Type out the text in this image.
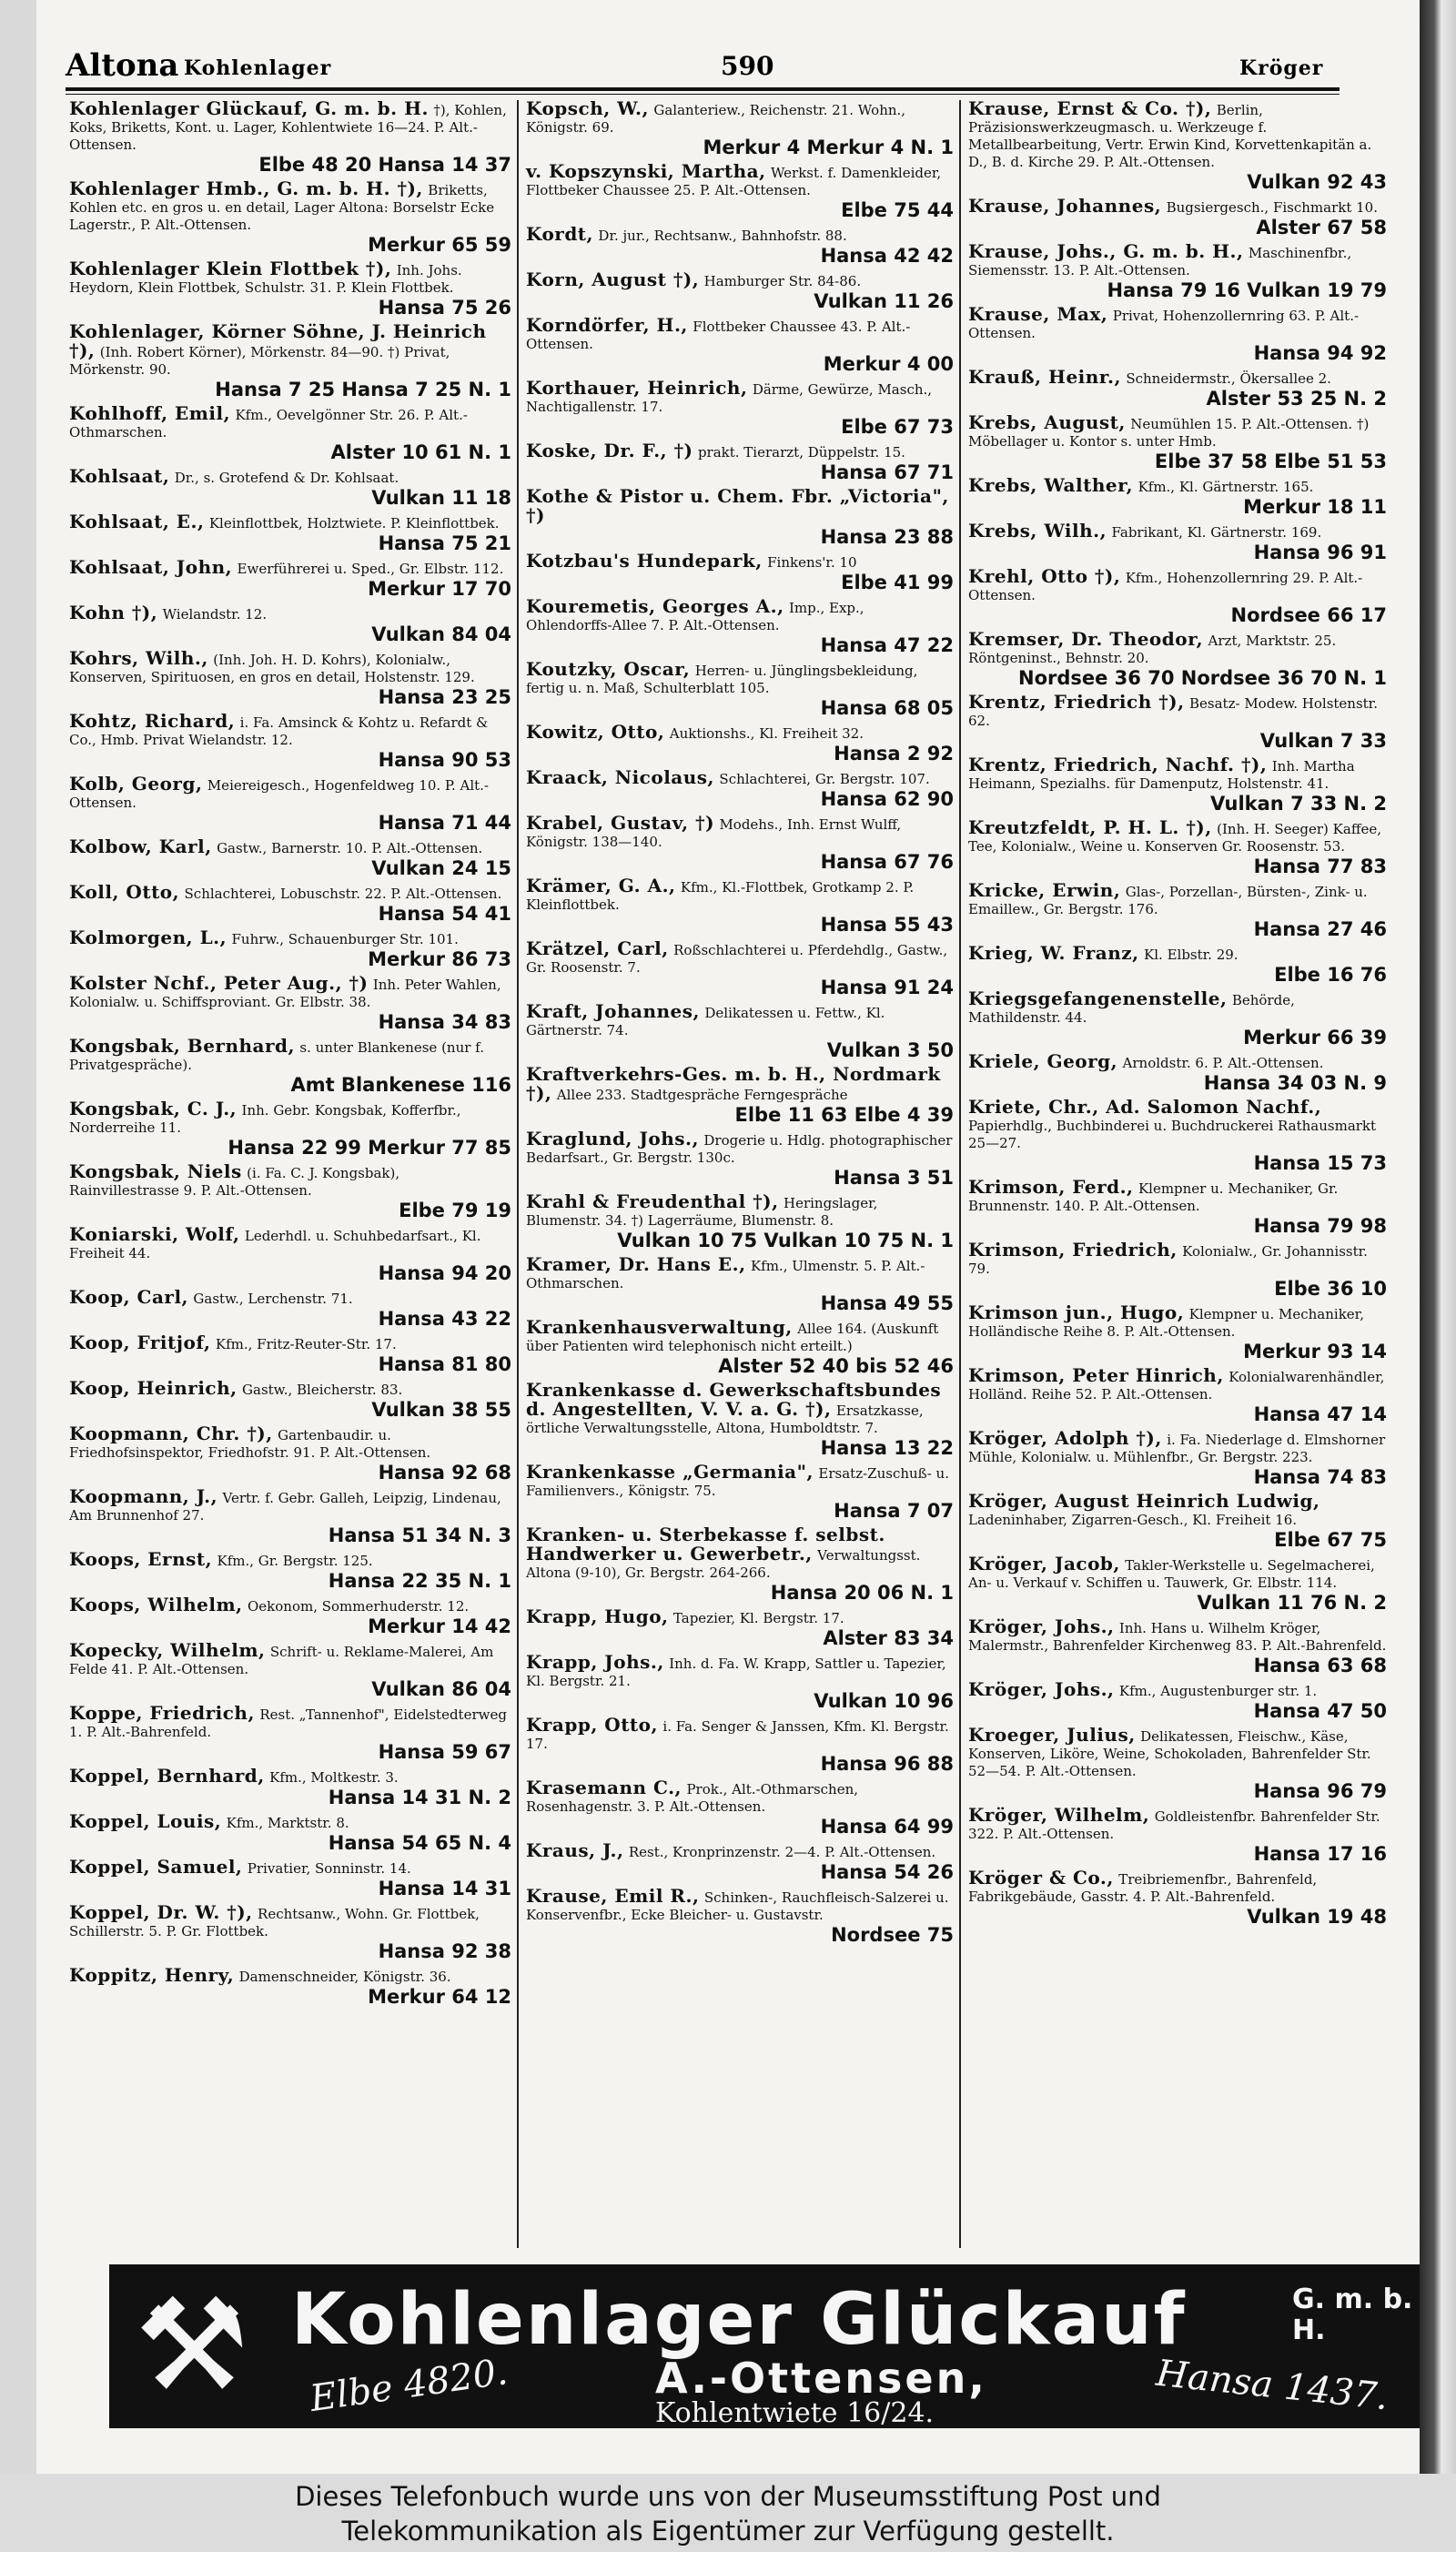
Altona Kohlenlager	590	Kröger
Kohlenlager Glückauf, G. m. b. H. †), Kohlen, Koks, Briketts, Kont. u. Lager, Kohlentwiete 16—24. P. Alt.-Ottensen.
Elbe 48 20 Hansa 14 37
Kohlenlager Hmb., G. m. b. H. †), Briketts, Kohlen etc. en gros u. en detail, Lager Altona: Borselstr Ecke Lagerstr., P. Alt.-Ottensen.
Merkur 65 59
Kohlenlager Klein Flottbek †), Inh. Johs. Heydorn, Klein Flottbek, Schulstr. 31. P. Klein Flottbek.
Hansa 75 26
Kohlenlager, Körner Söhne, J. Heinrich †), (Inh. Robert Körner), Mörkenstr. 84—90. †) Privat, Mörkenstr. 90.
Hansa 7 25 Hansa 7 25 N. 1
Kohlhoff, Emil, Kfm., Oevelgönner Str. 26. P. Alt.-Othmarschen.
Alster 10 61 N. 1
Kohlsaat, Dr., s. Grotefend & Dr. Kohlsaat.
Vulkan 11 18
Kohlsaat, E., Kleinflottbek, Holztwiete. P. Kleinflottbek.
Hansa 75 21
Kohlsaat, John, Ewerführerei u. Sped., Gr. Elbstr. 112.
Merkur 17 70
Kohn †), Wielandstr. 12.
Vulkan 84 04
Kohrs, Wilh., (Inh. Joh. H. D. Kohrs), Kolonialw., Konserven, Spirituosen, en gros en detail, Holstenstr. 129.
Hansa 23 25
Kohtz, Richard, i. Fa. Amsinck & Kohtz u. Refardt & Co., Hmb. Privat Wielandstr. 12.
Hansa 90 53
Kolb, Georg, Meiereigesch., Hogenfeldweg 10. P. Alt.-Ottensen.
Hansa 71 44
Kolbow, Karl, Gastw., Barnerstr. 10. P. Alt.-Ottensen.
Vulkan 24 15
Koll, Otto, Schlachterei, Lobuschstr. 22. P. Alt.-Ottensen.
Hansa 54 41
Kolmorgen, L., Fuhrw., Schauenburger Str. 101.
Merkur 86 73
Kolster Nchf., Peter Aug., †) Inh. Peter Wahlen, Kolonialw. u. Schiffsproviant. Gr. Elbstr. 38.
Hansa 34 83
Kongsbak, Bernhard, s. unter Blankenese (nur f. Privatgespräche).
Amt Blankenese 116
Kongsbak, C. J., Inh. Gebr. Kongsbak, Kofferfbr., Norderreihe 11.
Hansa 22 99 Merkur 77 85
Kongsbak, Niels (i. Fa. C. J. Kongsbak), Rainvillestrasse 9. P. Alt.-Ottensen.
Elbe 79 19
Koniarski, Wolf, Lederhdl. u. Schuhbedarfsart., Kl. Freiheit 44.
Hansa 94 20
Koop, Carl, Gastw., Lerchenstr. 71.
Hansa 43 22
Koop, Fritjof, Kfm., Fritz-Reuter-Str. 17.
Hansa 81 80
Koop, Heinrich, Gastw., Bleicherstr. 83.
Vulkan 38 55
Koopmann, Chr. †), Gartenbaudir. u. Friedhofsinspektor, Friedhofstr. 91. P. Alt.-Ottensen.
Hansa 92 68
Koopmann, J., Vertr. f. Gebr. Galleh, Leipzig, Lindenau, Am Brunnenhof 27.
Hansa 51 34 N. 3
Koops, Ernst, Kfm., Gr. Bergstr. 125.
Hansa 22 35 N. 1
Koops, Wilhelm, Oekonom, Sommerhuderstr. 12.
Merkur 14 42
Kopecky, Wilhelm, Schrift- u. Reklame-Malerei, Am Felde 41. P. Alt.-Ottensen.
Vulkan 86 04
Koppe, Friedrich, Rest. „Tannenhof", Eidelstedterweg 1. P. Alt.-Bahrenfeld.
Hansa 59 67
Koppel, Bernhard, Kfm., Moltkestr. 3.
Hansa 14 31 N. 2
Koppel, Louis, Kfm., Marktstr. 8.
Hansa 54 65 N. 4
Koppel, Samuel, Privatier, Sonninstr. 14.
Hansa 14 31
Koppel, Dr. W. †), Rechtsanw., Wohn. Gr. Flottbek, Schillerstr. 5. P. Gr. Flottbek.
Hansa 92 38
Koppitz, Henry, Damenschneider, Königstr. 36.
Merkur 64 12
Kopsch, W., Galanteriew., Reichenstr. 21. Wohn., Königstr. 69.
Merkur 4 Merkur 4 N. 1
v. Kopszynski, Martha, Werkst. f. Damenkleider, Flottbeker Chaussee 25. P. Alt.-Ottensen.
Elbe 75 44
Kordt, Dr. jur., Rechtsanw., Bahnhofstr. 88.
Hansa 42 42
Korn, August †), Hamburger Str. 84-86.
Vulkan 11 26
Korndörfer, H., Flottbeker Chaussee 43. P. Alt.-Ottensen.
Merkur 4 00
Korthauer, Heinrich, Därme, Gewürze, Masch., Nachtigallenstr. 17.
Elbe 67 73
Koske, Dr. F., †) prakt. Tierarzt, Düppelstr. 15.
Hansa 67 71
Kothe & Pistor u. Chem. Fbr. „Victoria", †)
Hansa 23 88
Kotzbau's Hundepark, Finkens'r. 10
Elbe 41 99
Kouremetis, Georges A., Imp., Exp., Ohlendorffs-Allee 7. P. Alt.-Ottensen.
Hansa 47 22
Koutzky, Oscar, Herren- u. Jünglingsbekleidung, fertig u. n. Maß, Schulterblatt 105.
Hansa 68 05
Kowitz, Otto, Auktionshs., Kl. Freiheit 32.
Hansa 2 92
Kraack, Nicolaus, Schlachterei, Gr. Bergstr. 107.
Hansa 62 90
Krabel, Gustav, †) Modehs., Inh. Ernst Wulff, Königstr. 138—140.
Hansa 67 76
Krämer, G. A., Kfm., Kl.-Flottbek, Grotkamp 2. P. Kleinflottbek.
Hansa 55 43
Krätzel, Carl, Roßschlachterei u. Pferdehdlg., Gastw., Gr. Roosenstr. 7.
Hansa 91 24
Kraft, Johannes, Delikatessen u. Fettw., Kl. Gärtnerstr. 74.
Vulkan 3 50
Kraftverkehrs-Ges. m. b. H., Nordmark †), Allee 233. Stadtgespräche Ferngespräche
Elbe 11 63 Elbe 4 39
Kraglund, Johs., Drogerie u. Hdlg. photographischer Bedarfsart., Gr. Bergstr. 130c.
Hansa 3 51
Krahl & Freudenthal †), Heringslager, Blumenstr. 34. †) Lagerräume, Blumenstr. 8.
Vulkan 10 75 Vulkan 10 75 N. 1
Kramer, Dr. Hans E., Kfm., Ulmenstr. 5. P. Alt.-Othmarschen.
Hansa 49 55
Krankenhausverwaltung, Allee 164. (Auskunft über Patienten wird telephonisch nicht erteilt.)
Alster 52 40 bis 52 46
Krankenkasse d. Gewerkschaftsbundes d. Angestellten, V. V. a. G. †), Ersatzkasse, örtliche Verwaltungsstelle, Altona, Humboldtstr. 7.
Hansa 13 22
Krankenkasse „Germania", Ersatz-Zuschuß- u. Familienvers., Königstr. 75.
Hansa 7 07
Kranken- u. Sterbekasse f. selbst. Handwerker u. Gewerbetr., Verwaltungsst. Altona (9-10), Gr. Bergstr. 264-266.
Hansa 20 06 N. 1
Krapp, Hugo, Tapezier, Kl. Bergstr. 17.
Alster 83 34
Krapp, Johs., Inh. d. Fa. W. Krapp, Sattler u. Tapezier, Kl. Bergstr. 21.
Vulkan 10 96
Krapp, Otto, i. Fa. Senger & Janssen, Kfm. Kl. Bergstr. 17.
Hansa 96 88
Krasemann C., Prok., Alt.-Othmarschen, Rosenhagenstr. 3. P. Alt.-Ottensen.
Hansa 64 99
Kraus, J., Rest., Kronprinzenstr. 2—4. P. Alt.-Ottensen.
Hansa 54 26
Krause, Emil R., Schinken-, Rauchfleisch-Salzerei u. Konservenfbr., Ecke Bleicher- u. Gustavstr.
Nordsee 75
Krause, Ernst & Co. †), Berlin, Präzisionswerkzeugmasch. u. Werkzeuge f. Metallbearbeitung, Vertr. Erwin Kind, Korvettenkapitän a. D., B. d. Kirche 29. P. Alt.-Ottensen.
Vulkan 92 43
Krause, Johannes, Bugsiergesch., Fischmarkt 10.
Alster 67 58
Krause, Johs., G. m. b. H., Maschinenfbr., Siemensstr. 13. P. Alt.-Ottensen.
Hansa 79 16 Vulkan 19 79
Krause, Max, Privat, Hohenzollernring 63. P. Alt.-Ottensen.
Hansa 94 92
Krauß, Heinr., Schneidermstr., Ökersallee 2.
Alster 53 25 N. 2
Krebs, August, Neumühlen 15. P. Alt.-Ottensen. †) Möbellager u. Kontor s. unter Hmb.
Elbe 37 58 Elbe 51 53
Krebs, Walther, Kfm., Kl. Gärtnerstr. 165.
Merkur 18 11
Krebs, Wilh., Fabrikant, Kl. Gärtnerstr. 169.
Hansa 96 91
Krehl, Otto †), Kfm., Hohenzollernring 29. P. Alt.-Ottensen.
Nordsee 66 17
Kremser, Dr. Theodor, Arzt, Marktstr. 25. Röntgeninst., Behnstr. 20.
Nordsee 36 70 Nordsee 36 70 N. 1
Krentz, Friedrich †), Besatz- Modew. Holstenstr. 62.
Vulkan 7 33
Krentz, Friedrich, Nachf. †), Inh. Martha Heimann, Spezialhs. für Damenputz, Holstenstr. 41.
Vulkan 7 33 N. 2
Kreutzfeldt, P. H. L. †), (Inh. H. Seeger) Kaffee, Tee, Kolonialw., Weine u. Konserven Gr. Roosenstr. 53.
Hansa 77 83
Kricke, Erwin, Glas-, Porzellan-, Bürsten-, Zink- u. Emaillew., Gr. Bergstr. 176.
Hansa 27 46
Krieg, W. Franz, Kl. Elbstr. 29.
Elbe 16 76
Kriegsgefangenenstelle, Behörde, Mathildenstr. 44.
Merkur 66 39
Kriele, Georg, Arnoldstr. 6. P. Alt.-Ottensen.
Hansa 34 03 N. 9
Kriete, Chr., Ad. Salomon Nachf., Papierhdlg., Buchbinderei u. Buchdruckerei Rathausmarkt 25—27.
Hansa 15 73
Krimson, Ferd., Klempner u. Mechaniker, Gr. Brunnenstr. 140. P. Alt.-Ottensen.
Hansa 79 98
Krimson, Friedrich, Kolonialw., Gr. Johannisstr. 79.
Elbe 36 10
Krimson jun., Hugo, Klempner u. Mechaniker, Holländische Reihe 8. P. Alt.-Ottensen.
Merkur 93 14
Krimson, Peter Hinrich, Kolonialwarenhändler, Holländ. Reihe 52. P. Alt.-Ottensen.
Hansa 47 14
Kröger, Adolph †), i. Fa. Niederlage d. Elmshorner Mühle, Kolonialw. u. Mühlenfbr., Gr. Bergstr. 223.
Hansa 74 83
Kröger, August Heinrich Ludwig, Ladeninhaber, Zigarren-Gesch., Kl. Freiheit 16.
Elbe 67 75
Kröger, Jacob, Takler-Werkstelle u. Segelmacherei, An- u. Verkauf v. Schiffen u. Tauwerk, Gr. Elbstr. 114.
Vulkan 11 76 N. 2
Kröger, Johs., Inh. Hans u. Wilhelm Kröger, Malermstr., Bahrenfelder Kirchenweg 83. P. Alt.-Bahrenfeld.
Hansa 63 68
Kröger, Johs., Kfm., Augustenburger str. 1.
Hansa 47 50
Kroeger, Julius, Delikatessen, Fleischw., Käse, Konserven, Liköre, Weine, Schokoladen, Bahrenfelder Str. 52—54. P. Alt.-Ottensen.
Hansa 96 79
Kröger, Wilhelm, Goldleistenfbr. Bahrenfelder Str. 322. P. Alt.-Ottensen.
Hansa 17 16
Kröger & Co., Treibriemenfbr., Bahrenfeld, Fabrikgebäude, Gasstr. 4. P. Alt.-Bahrenfeld.
Vulkan 19 48
⚒ Kohlenlager Glückauf	G. m. b. H.
Elbe 4820.	A.-Ottensen,
Kohlentwiete 16/24.	Hansa 1437.
Dieses Telefonbuch wurde uns von der Museumsstiftung Post und
Telekommunikation als Eigentümer zur Verfügung gestellt.
